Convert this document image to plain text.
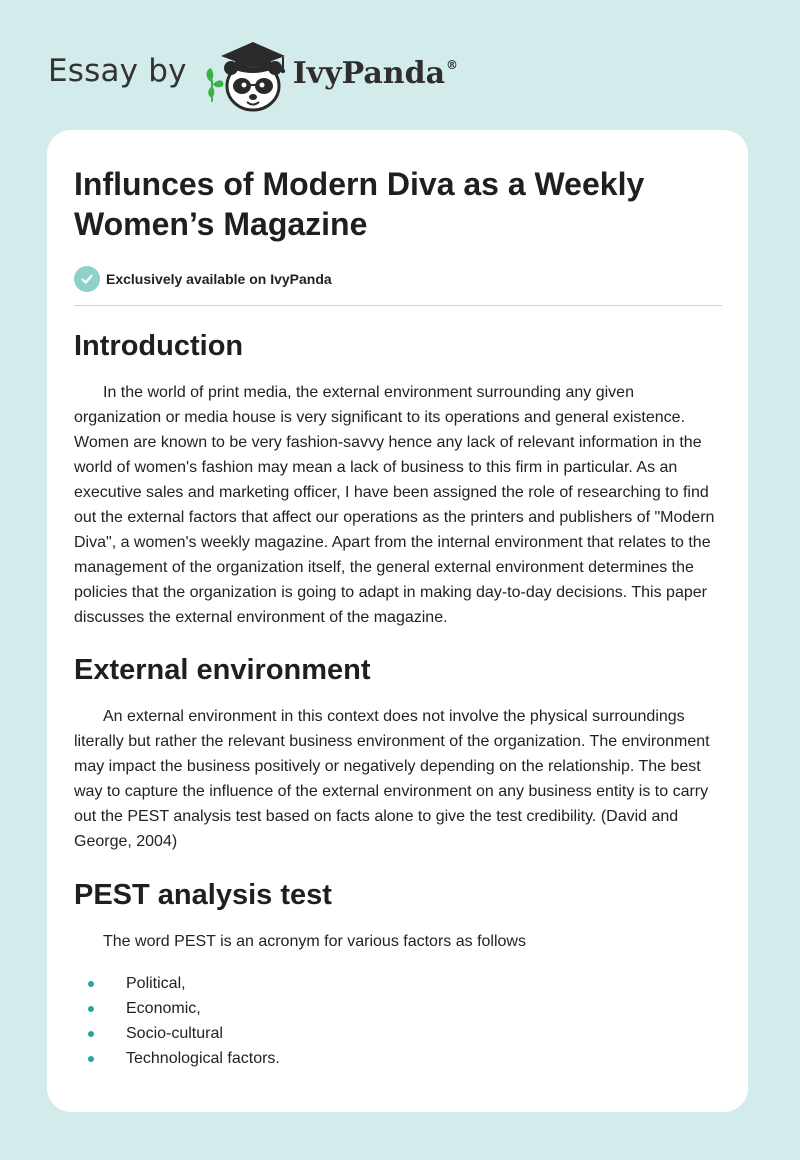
Essay by	IvyPanda®
Influnces of Modern Diva as a Weekly Women’s Magazine
Exclusively available on IvyPanda
Introduction

In the world of print media, the external environment surrounding any given organization or media house is very significant to its operations and general existence. Women are known to be very fashion-savvy hence any lack of relevant information in the world of women's fashion may mean a lack of business to this firm in particular. As an executive sales and marketing officer, I have been assigned the role of researching to find out the external factors that affect our operations as the printers and publishers of "Modern Diva", a women's weekly magazine. Apart from the internal environment that relates to the management of the organization itself, the general external environment determines the policies that the organization is going to adapt in making day-to-day decisions. This paper discusses the external environment of the magazine.

External environment

An external environment in this context does not involve the physical surroundings literally but rather the relevant business environment of the organization. The environment may impact the business positively or negatively depending on the relationship. The best way to capture the influence of the external environment on any business entity is to carry out the PEST analysis test based on facts alone to give the test credibility. (David and George, 2004)

PEST analysis test

The word PEST is an acronym for various factors as follows

Political,
Economic,
Socio-cultural
Technological factors.
